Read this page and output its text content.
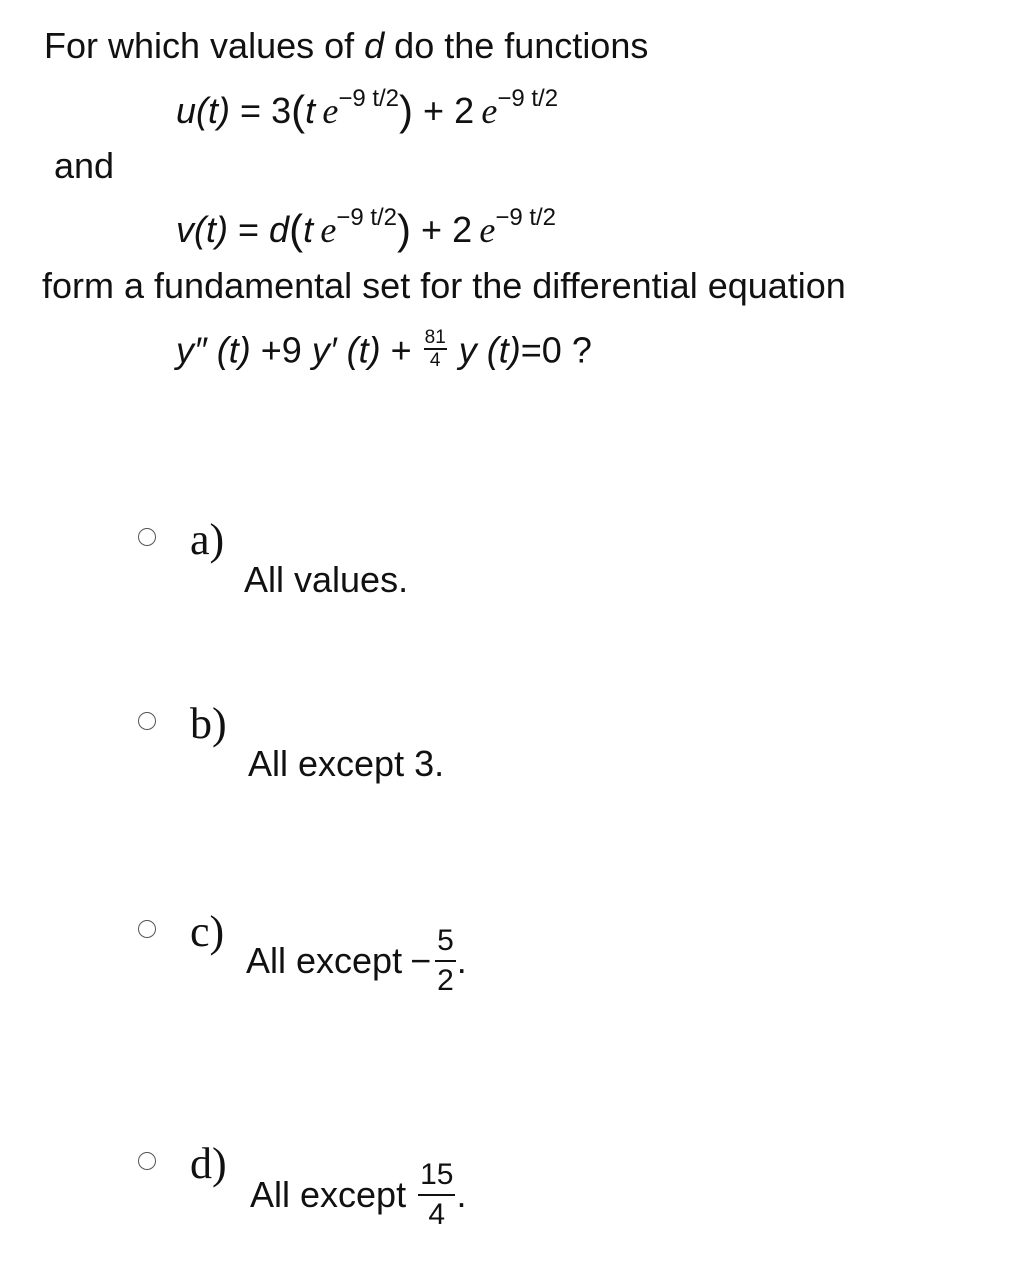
For which values of d do the functions
u(t) = 3(t  $e^{-9 t/2}) + 2$  $e^{-9 t/2}$
and
v(t) = d(t  $e^{-9 t/2}) + 2$  $e^{-9 t/2}$
form a fundamental set for the differential equation
y″ (t) +9 y′ $(t) + \frac{81}{4}$ y (t)=0 ?
a)
All values.
b)
All except 3.
c)
All except − $\frac{5}{2}$ .
d)
All except $\frac{15}{4}$ .
